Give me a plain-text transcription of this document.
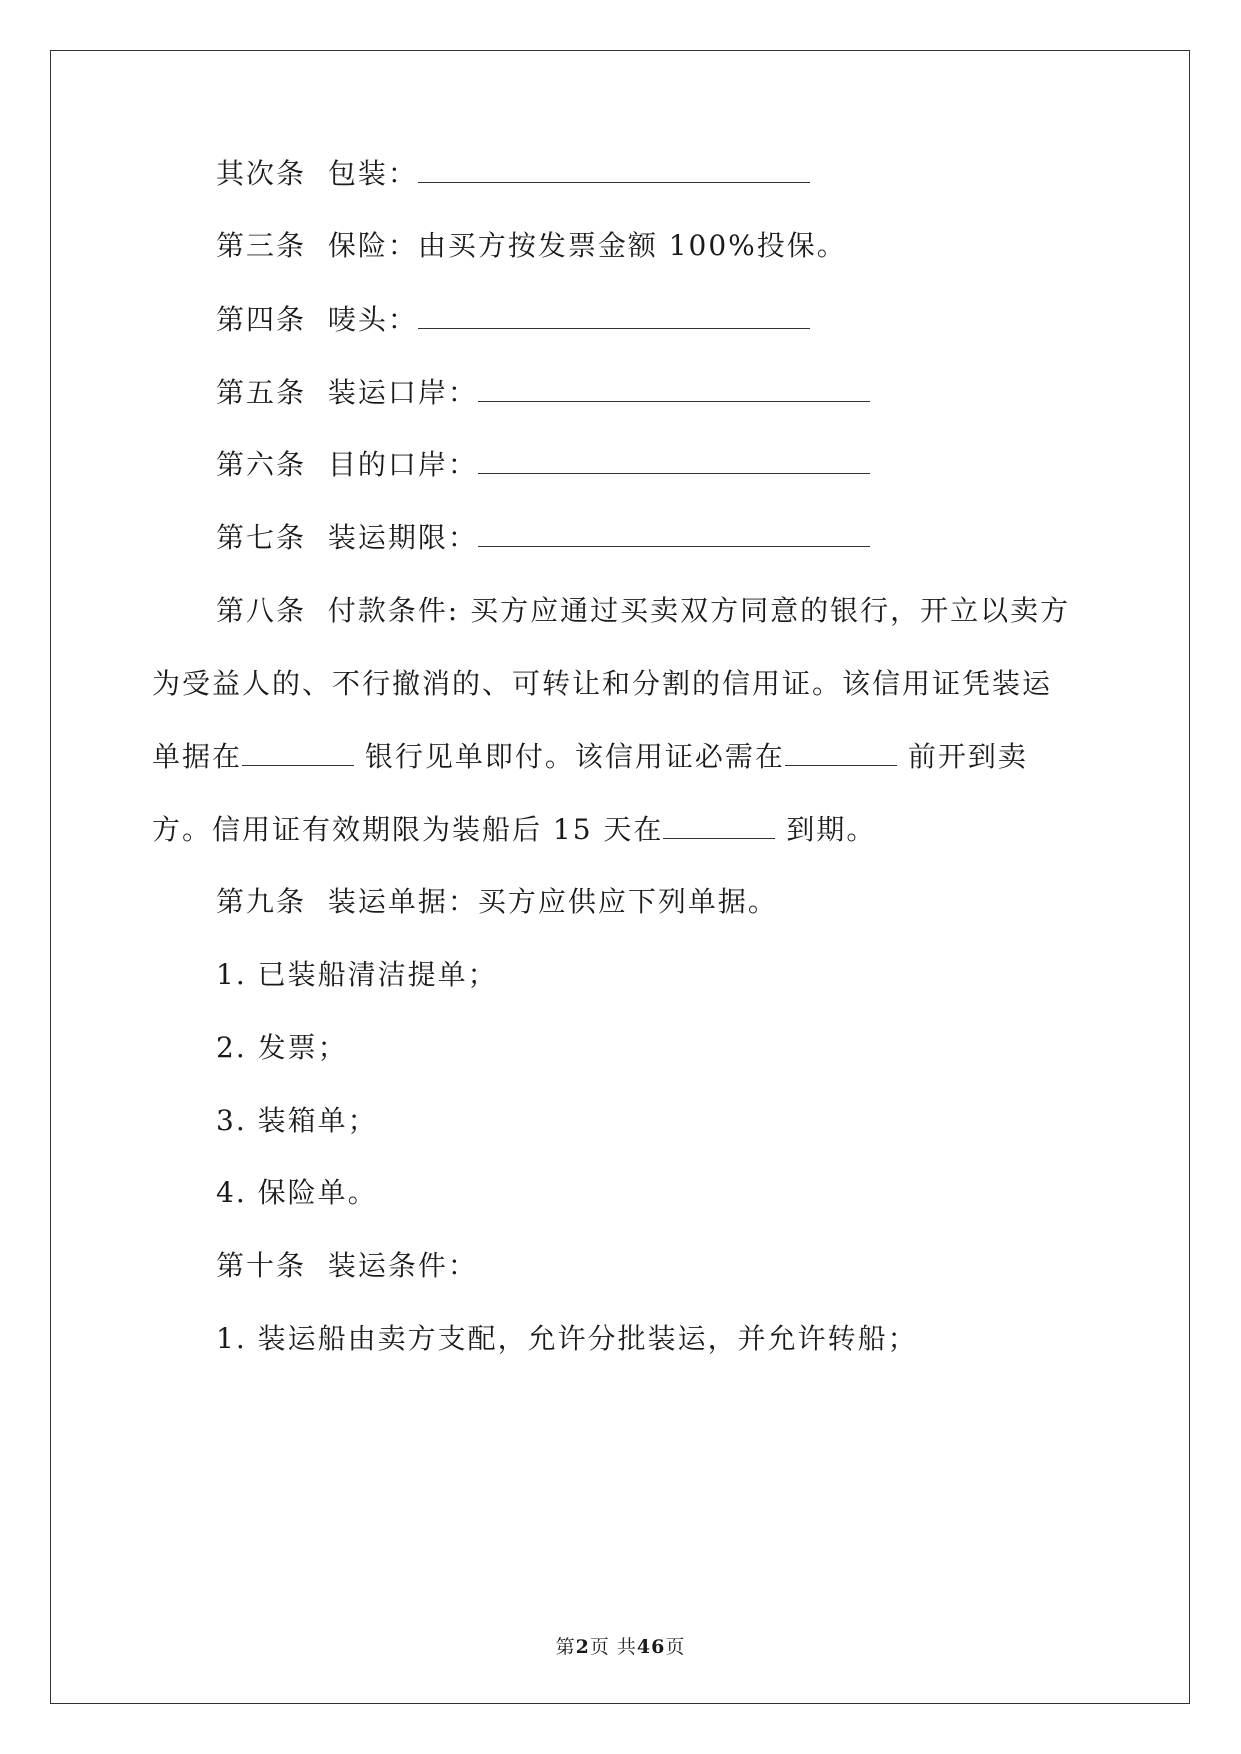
其次条 包装：
第三条 保险：由买方按发票金额 100%投保。
第四条 唛头：
第五条 装运口岸：
第六条 目的口岸：
第七条 装运期限：
第八条  付款条件: 买方应通过买卖双方同意的银行，开立以卖方
为受益人的、不行撤消的、可转让和分割的信用证。该信用证凭装运
单据在	银行见单即付。该信用证必需在	前开到卖
方。信用证有效期限为装船后 15 天在	到期。
第九条 装运单据：买方应供应下列单据。
1. 已装船清洁提单；
2. 发票；
3. 装箱单；
4. 保险单。
第十条 装运条件：
1. 装运船由卖方支配，允许分批装运，并允许转船；
第2页 共46页
